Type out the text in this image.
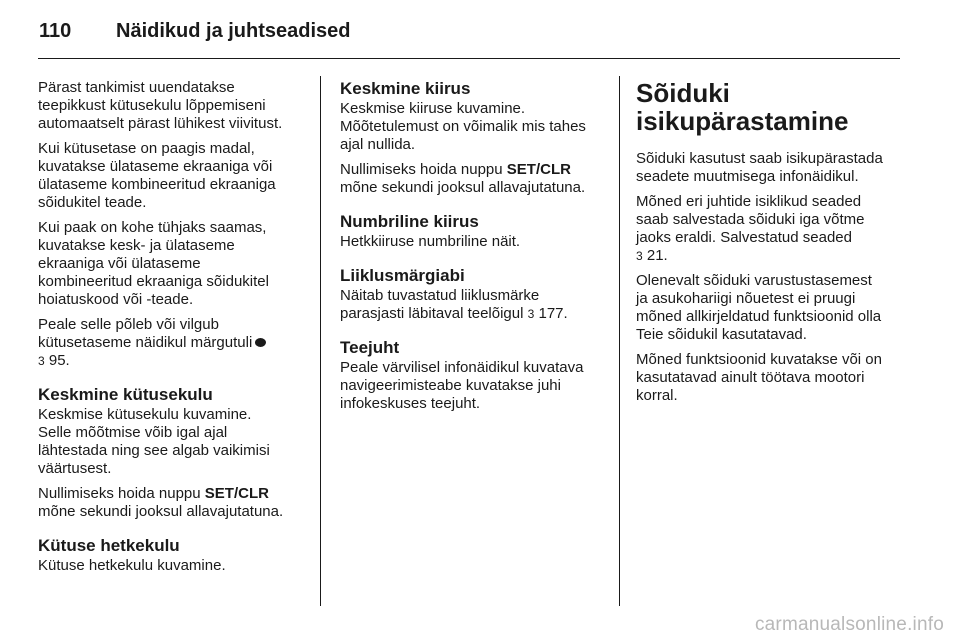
110 Näidikud ja juhtseadised

Pärast tankimist uuendatakse
teepikkust kütusekulu lõppemiseni
automaatselt pärast lühikest viivitust.

Kui kütusetase on paagis madal,
kuvatakse ülataseme ekraaniga või
ülataseme kombineeritud ekraaniga
sõidukitel teade.

Kui paak on kohe tühjaks saamas,
kuvatakse kesk- ja ülataseme
ekraaniga või ülataseme
kombineeritud ekraaniga sõidukitel
hoiatuskood või -teade.

Peale selle põleb või vilgub
kütusetaseme näidikul märgutuli
3 95.

Keskmine kütusekulu

Keskmise kütusekulu kuvamine.
Selle mõõtmise võib igal ajal
lähtestada ning see algab vaikimisi
väärtusest.

Nullimiseks hoida nuppu SET/CLR
mõne sekundi jooksul allavajutatuna.

Kütuse hetkekulu

Kütuse hetkekulu kuvamine.

Keskmine kiirus

Keskmise kiiruse kuvamine.
Mõõtetulemust on võimalik mis tahes
ajal nullida.

Nullimiseks hoida nuppu SET/CLR
mõne sekundi jooksul allavajutatuna.

Numbriline kiirus

Hetkkiiruse numbriline näit.

Liiklusmärgiabi

Näitab tuvastatud liiklusmärke
parasjasti läbitaval teelõigul 3 177.

Teejuht

Peale värvilisel infonäidikul kuvatava
navigeerimisteabe kuvatakse juhi
infokeskuses teejuht.

Sõiduki
isikupärastamine

Sõiduki kasutust saab isikupärastada
seadete muutmisega infonäidikul.

Mõned eri juhtide isiklikud seaded
saab salvestada sõiduki iga võtme
jaoks eraldi. Salvestatud seaded
3 21.

Olenevalt sõiduki varustustasemest
ja asukohariigi nõuetest ei pruugi
mõned allkirjeldatud funktsioonid olla
Teie sõidukil kasutatavad.

Mõned funktsioonid kuvatakse või on
kasutatavad ainult töötava mootori
korral.

carmanualsonline.info
